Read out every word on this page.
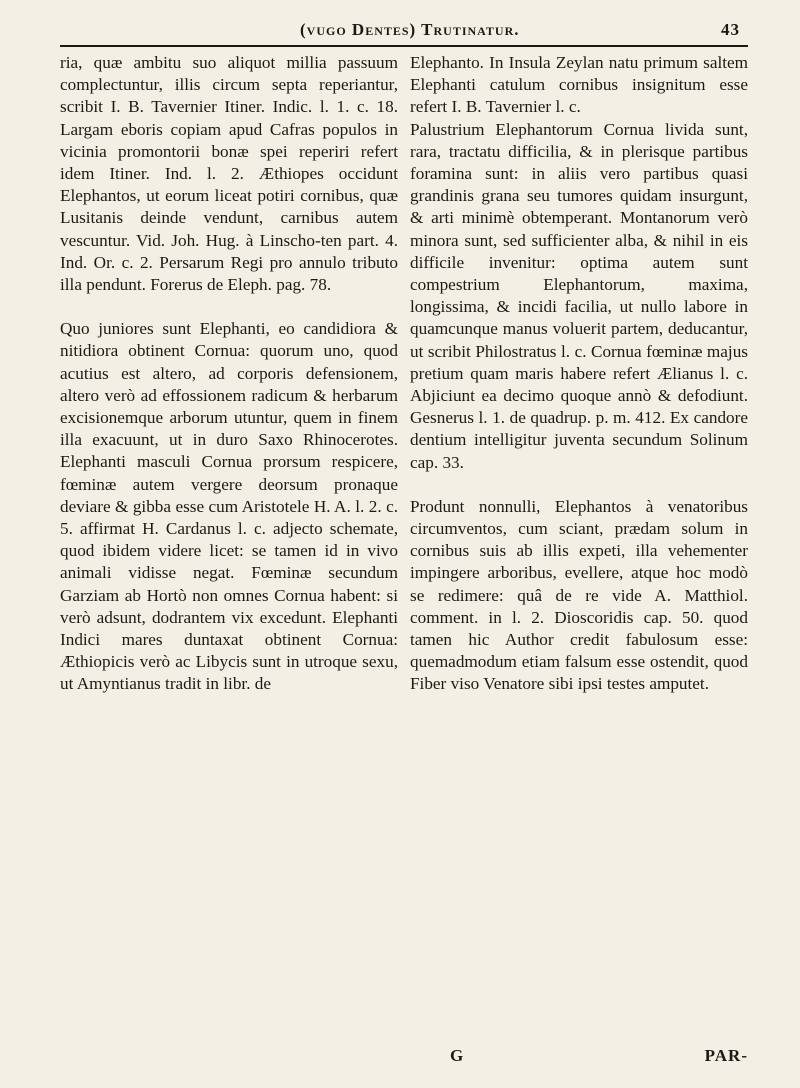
(vugo Dentes) Trutinatur.	43

ria, quæ ambitu suo aliquot millia passuum complectuntur, illis circum septa reperiantur, scribit I. B. Tavernier Itiner. Indic. l. 1. c. 18. Largam eboris copiam apud Cafras populos in vicinia promontorii bonæ spei reperiri refert idem Itiner. Ind. l. 2. Æthiopes occidunt Elephantos, ut eorum liceat potiri cornibus, quæ Lusitanis deinde vendunt, carnibus autem vescuntur. Vid. Joh. Hug. à Linscho-ten part. 4. Ind. Or. c. 2. Persarum Regi pro annulo tributo illa pendunt. Forerus de Eleph. pag. 78.

Quo juniores sunt Elephanti, eo candidiora & nitidiora obtinent Cornua: quorum uno, quod acutius est altero, ad corporis defensionem, altero verò ad effossionem radicum & herbarum excisionemque arborum utuntur, quem in finem illa exacuunt, ut in duro Saxo Rhinocerotes. Elephanti masculi Cornua prorsum respicere, fœminæ autem vergere deorsum pronaque deviare & gibba esse cum Aristotele H. A. l. 2. c. 5. affirmat H. Cardanus l. c. adjecto schemate, quod ibidem videre licet: se tamen id in vivo animali vidisse negat. Fœminæ secundum Garziam ab Hortò non omnes Cornua habent: si verò adsunt, dodrantem vix excedunt. Elephanti Indici mares duntaxat obtinent Cornua: Æthiopicis verò ac Libycis sunt in utroque sexu, ut Amyntianus tradit in libr. de

Elephanto. In Insula Zeylan natu primum saltem Elephanti catulum cornibus insignitum esse refert I. B. Tavernier l. c.

Palustrium Elephantorum Cornua livida sunt, rara, tractatu difficilia, & in plerisque partibus foramina sunt: in aliis vero partibus quasi grandinis grana seu tumores quidam insurgunt, & arti minimè obtemperant. Montanorum verò minora sunt, sed sufficienter alba, & nihil in eis difficile invenitur: optima autem sunt compestrium Elephantorum, maxima, longissima, & incidi facilia, ut nullo labore in quamcunque manus voluerit partem, deducantur, ut scribit Philostratus l. c. Cornua fœminæ majus pretium quam maris habere refert Ælianus l. c. Abjiciunt ea decimo quoque annò & defodiunt. Gesnerus l. 1. de quadrup. p. m. 412. Ex candore dentium intelligitur juventa secundum Solinum cap. 33.

Produnt nonnulli, Elephantos à venatoribus circumventos, cum sciant, prædam solum in cornibus suis ab illis expeti, illa vehementer impingere arboribus, evellere, atque hoc modò se redimere: quâ de re vide A. Matthiol. comment. in l. 2. Dioscoridis cap. 50. quod tamen hic Author credit fabulosum esse: quemadmodum etiam falsum esse ostendit, quod Fiber viso Venatore sibi ipsi testes amputet.

G	PAR-
